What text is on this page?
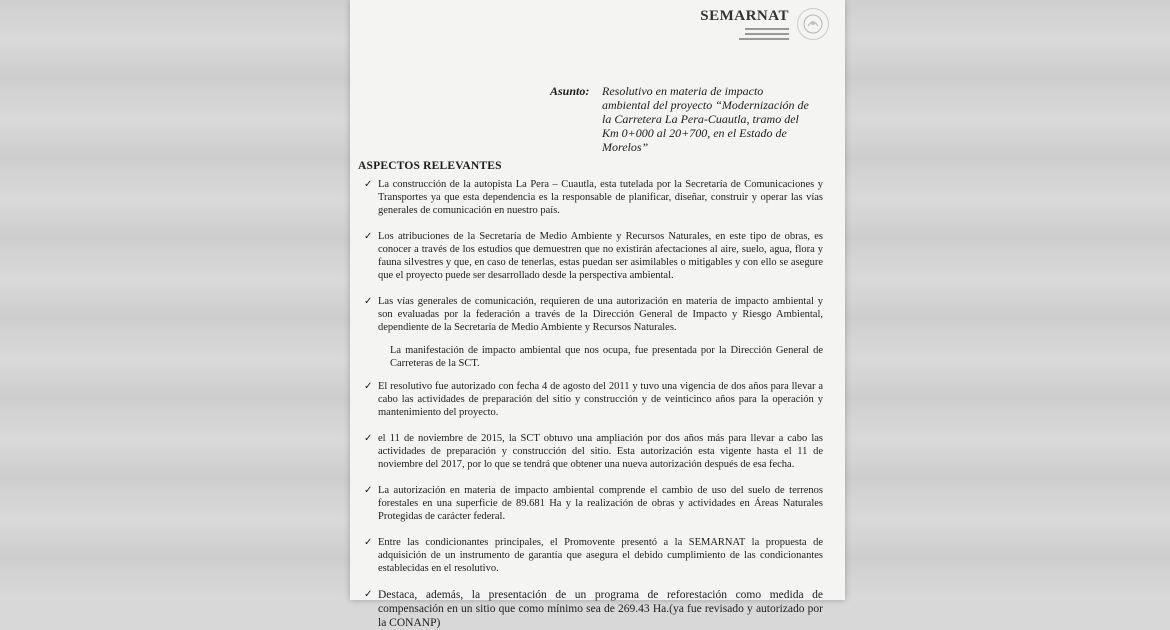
SEMARNAT
Asunto:	Resolutivo en materia de impacto ambiental del proyecto “Modernización de la Carretera La Pera-Cuautla, tramo del Km 0+000 al 20+700, en el Estado de Morelos”
ASPECTOS RELEVANTES
✓ La construcción de la autopista La Pera – Cuautla, esta tutelada por la Secretaría de Comunicaciones y Transportes ya que esta dependencia es la responsable de planificar, diseñar, construir y operar las vías generales de comunicación en nuestro país.
✓ Los atribuciones de la Secretaría de Medio Ambiente y Recursos Naturales, en este tipo de obras, es conocer a través de los estudios que demuestren que no existirán afectaciones al aire, suelo, agua, flora y fauna silvestres y que, en caso de tenerlas, estas puedan ser asimilables o mitigables y con ello se asegure que el proyecto puede ser desarrollado desde la perspectiva ambiental.
✓ Las vías generales de comunicación, requieren de una autorización en materia de impacto ambiental y son evaluadas por la federación a través de la Dirección General de Impacto y Riesgo Ambiental, dependiente de la Secretaría de Medio Ambiente y Recursos Naturales.
La manifestación de impacto ambiental que nos ocupa, fue presentada por la Dirección General de Carreteras de la SCT.
✓ El resolutivo fue autorizado con fecha 4 de agosto del 2011 y tuvo una vigencia de dos años para llevar a cabo las actividades de preparación del sitio y construcción y de veinticinco años para la operación y mantenimiento del proyecto.
✓ el 11 de noviembre de 2015, la SCT obtuvo una ampliación por dos años más para llevar a cabo las actividades de preparación y construcción del sitio. Esta autorización esta vigente hasta el 11 de noviembre del 2017, por lo que se tendrá que obtener una nueva autorización después de esa fecha.
✓ La autorización en materia de impacto ambiental comprende el cambio de uso del suelo de terrenos forestales en una superficie de 89.681 Ha y la realización de obras y actividades en Áreas Naturales Protegidas de carácter federal.
✓ Entre las condicionantes principales, el Promovente presentó a la SEMARNAT la propuesta de adquisición de un instrumento de garantía que asegura el debido cumplimiento de las condicionantes establecidas en el resolutivo.
✓ Destaca, además, la presentación de un programa de reforestación como medida de compensación en un sitio que como mínimo sea de 269.43 Ha.(ya fue revisado y autorizado por la CONANP)
